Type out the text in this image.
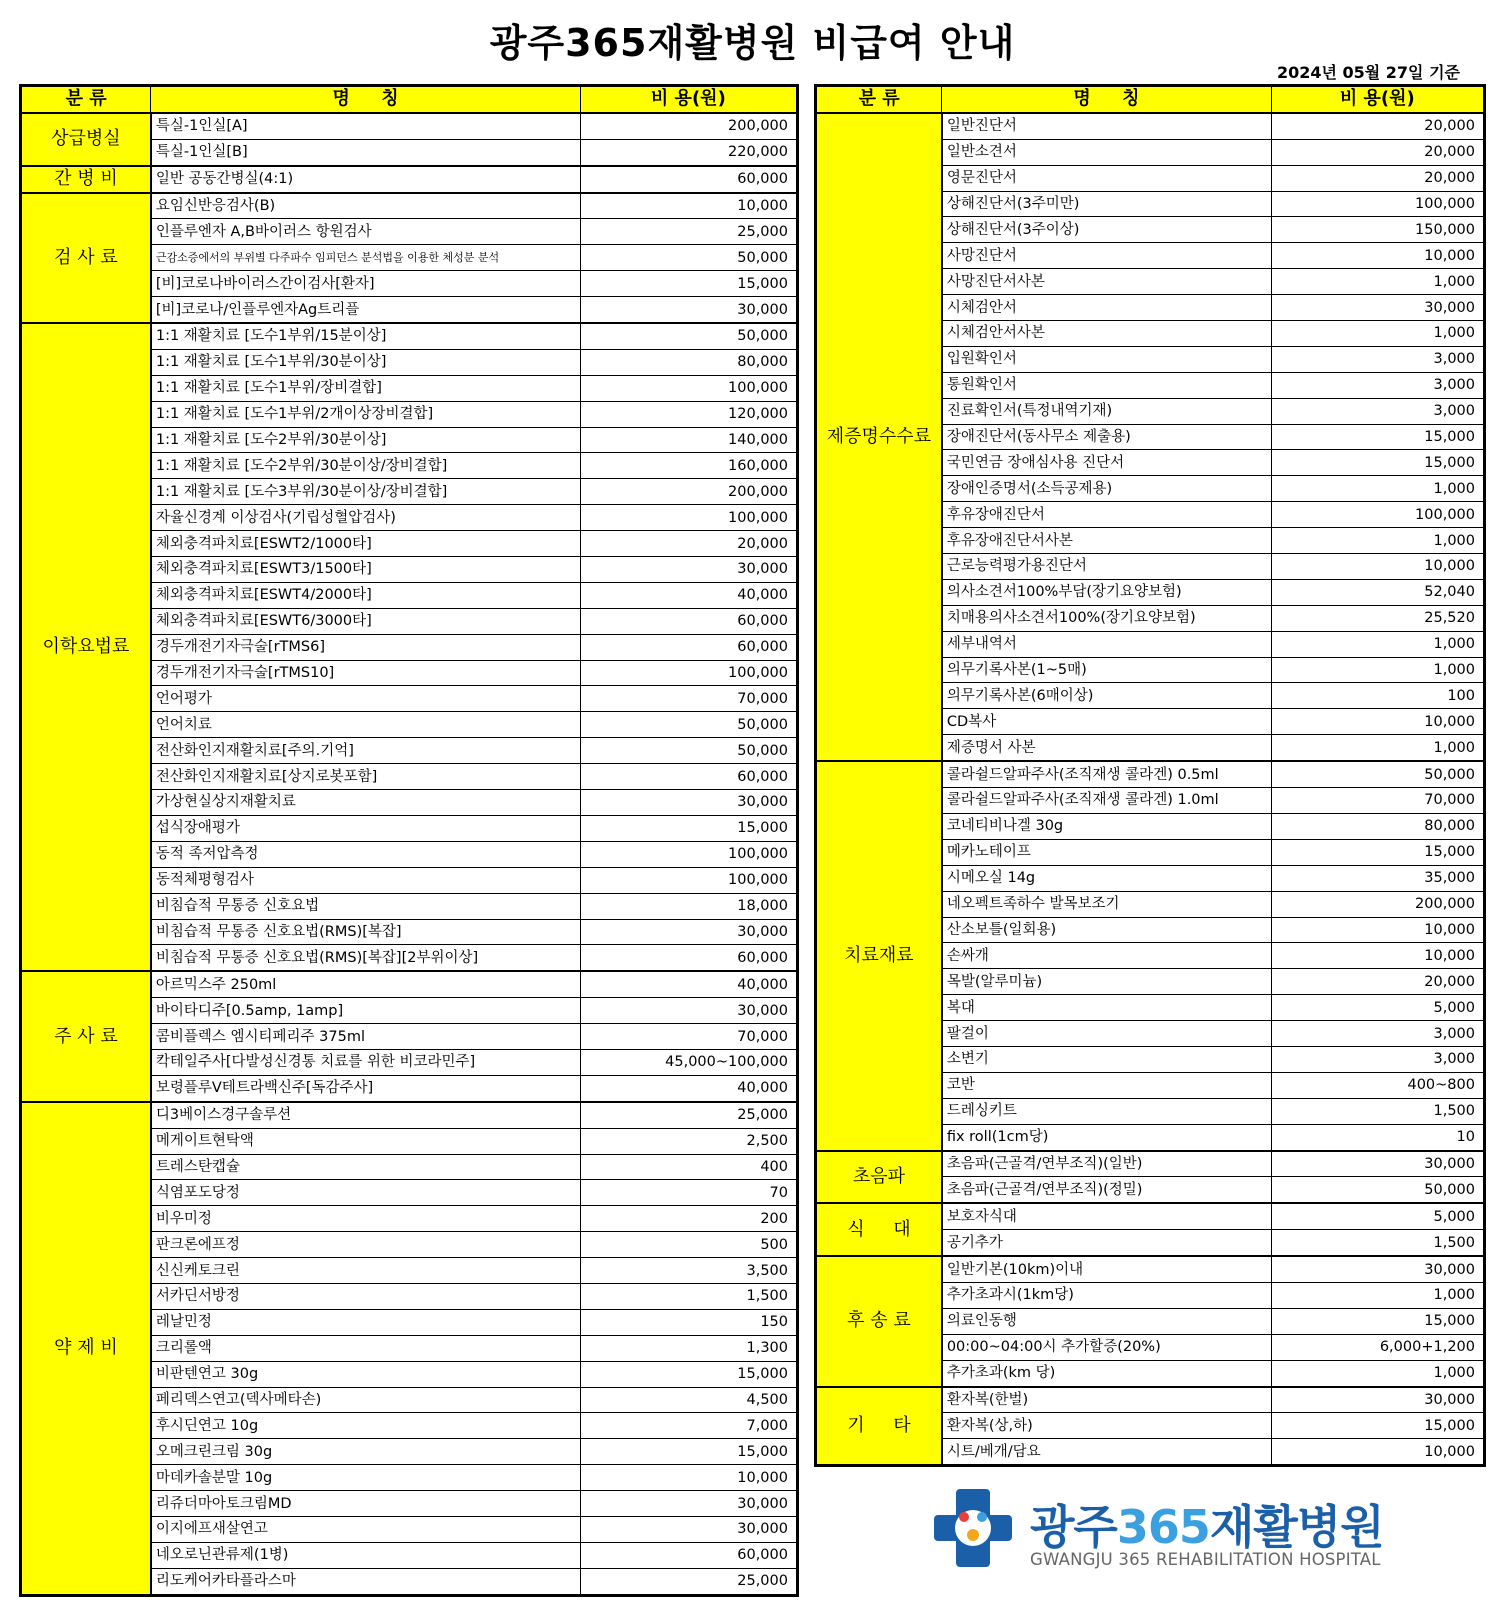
광주365재활병원 비급여 안내
2024년 05월 27일 기준
분 류	명     칭	비 용(원)
상급병실	특실-1인실[A]	200,000
	특실-1인실[B]	220,000
간 병 비	일반 공동간병실(4:1)	60,000
검 사 료	요임신반응검사(B)	10,000
	인플루엔자 A,B바이러스 항원검사	25,000
	근감소증에서의 부위별 다주파수 임피던스 분석법을 이용한 체성분 분석	50,000
	[비]코로나바이러스간이검사[환자]	15,000
	[비]코로나/인플루엔자Ag트리플	30,000
이학요법료	1:1 재활치료 [도수1부위/15분이상]	50,000
	1:1 재활치료 [도수1부위/30분이상]	80,000
	1:1 재활치료 [도수1부위/장비결합]	100,000
	1:1 재활치료 [도수1부위/2개이상장비결합]	120,000
	1:1 재활치료 [도수2부위/30분이상]	140,000
	1:1 재활치료 [도수2부위/30분이상/장비결합]	160,000
	1:1 재활치료 [도수3부위/30분이상/장비결합]	200,000
	자율신경계 이상검사(기립성혈압검사)	100,000
	체외충격파치료[ESWT2/1000타]	20,000
	체외충격파치료[ESWT3/1500타]	30,000
	체외충격파치료[ESWT4/2000타]	40,000
	체외충격파치료[ESWT6/3000타]	60,000
	경두개전기자극술[rTMS6]	60,000
	경두개전기자극술[rTMS10]	100,000
	언어평가	70,000
	언어치료	50,000
	전산화인지재활치료[주의.기억]	50,000
	전산화인지재활치료[상지로봇포함]	60,000
	가상현실상지재활치료	30,000
	섭식장애평가	15,000
	동적 족저압측정	100,000
	동적체평형검사	100,000
	비침습적 무통증 신호요법	18,000
	비침습적 무통증 신호요법(RMS)[복잡]	30,000
	비침습적 무통증 신호요법(RMS)[복잡][2부위이상]	60,000
주 사 료	아르믹스주 250ml	40,000
	바이타디주[0.5amp, 1amp]	30,000
	콤비플렉스 엠시티페리주 375ml	70,000
	칵테일주사[다발성신경통 치료를 위한 비코라민주]	45,000~100,000
	보령플루V테트라백신주[독감주사]	40,000
약 제 비	디3베이스경구솔루션	25,000
	메게이트현탁액	2,500
	트레스탄캡슐	400
	식염포도당정	70
	비우미정	200
	판크론에프정	500
	신신케토크린	3,500
	서카딘서방정	1,500
	레날민정	150
	크리롤액	1,300
	비판텐연고 30g	15,000
	페리덱스연고(덱사메타손)	4,500
	후시딘연고 10g	7,000
	오메크린크림 30g	15,000
	마데카솔분말 10g	10,000
	리쥬더마아토크림MD	30,000
	이지에프새살연고	30,000
	네오로닌관류제(1병)	60,000
	리도케어카타플라스마	25,000
분 류	명     칭	비 용(원)
제증명수수료	일반진단서	20,000
	일반소견서	20,000
	영문진단서	20,000
	상해진단서(3주미만)	100,000
	상해진단서(3주이상)	150,000
	사망진단서	10,000
	사망진단서사본	1,000
	시체검안서	30,000
	시체검안서사본	1,000
	입원확인서	3,000
	통원확인서	3,000
	진료확인서(특정내역기재)	3,000
	장애진단서(동사무소 제출용)	15,000
	국민연금 장애심사용 진단서	15,000
	장애인증명서(소득공제용)	1,000
	후유장애진단서	100,000
	후유장애진단서사본	1,000
	근로능력평가용진단서	10,000
	의사소견서100%부담(장기요양보험)	52,040
	치매용의사소견서100%(장기요양보험)	25,520
	세부내역서	1,000
	의무기록사본(1~5매)	1,000
	의무기록사본(6매이상)	100
	CD복사	10,000
	제증명서 사본	1,000
치료재료	콜라쉴드알파주사(조직재생 콜라겐) 0.5ml	50,000
	콜라쉴드알파주사(조직재생 콜라겐) 1.0ml	70,000
	코네티비나겔 30g	80,000
	메카노테이프	15,000
	시메오실 14g	35,000
	네오펙트족하수 발목보조기	200,000
	산소보틀(일회용)	10,000
	손싸개	10,000
	목발(알루미늄)	20,000
	복대	5,000
	팔걸이	3,000
	소변기	3,000
	코반	400~800
	드레싱키트	1,500
	fix roll(1cm당)	10
초음파	초음파(근골격/연부조직)(일반)	30,000
	초음파(근골격/연부조직)(정밀)	50,000
식     대	보호자식대	5,000
	공기추가	1,500
후 송 료	일반기본(10km)이내	30,000
	추가초과시(1km당)	1,000
	의료인동행	15,000
	00:00~04:00시 추가할증(20%)	6,000+1,200
	추가초과(km 당)	1,000
기     타	환자복(한벌)	30,000
	환자복(상,하)	15,000
	시트/베개/담요	10,000
광주365재활병원
GWANGJU 365 REHABILITATION HOSPITAL
